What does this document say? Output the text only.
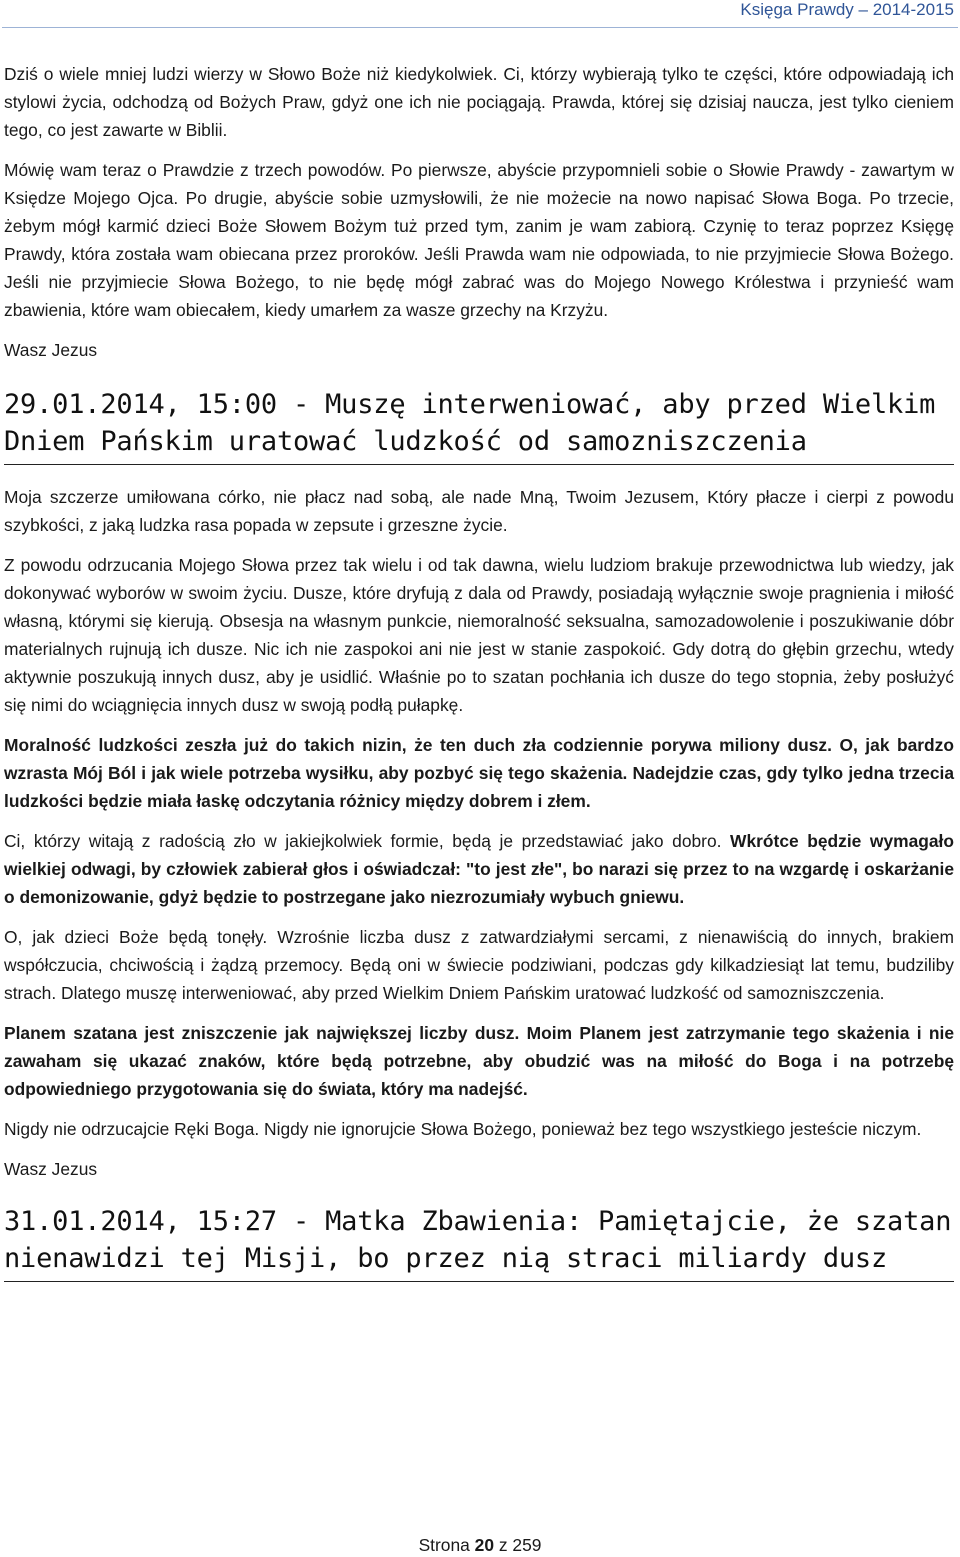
Księga Prawdy – 2014-2015

Dziś o wiele mniej ludzi wierzy w Słowo Boże niż kiedykolwiek. Ci, którzy wybierają tylko te części, które odpowiadają ich stylowi życia, odchodzą od Bożych Praw, gdyż one ich nie pociągają. Prawda, której się dzisiaj naucza, jest tylko cieniem tego, co jest zawarte w Biblii.

Mówię wam teraz o Prawdzie z trzech powodów. Po pierwsze, abyście przypomnieli sobie o Słowie Prawdy - zawartym w Księdze Mojego Ojca. Po drugie, abyście sobie uzmysłowili, że nie możecie na nowo napisać Słowa Boga. Po trzecie, żebym mógł karmić dzieci Boże Słowem Bożym tuż przed tym, zanim je wam zabiorą. Czynię to teraz poprzez Księgę Prawdy, która została wam obiecana przez proroków. Jeśli Prawda wam nie odpowiada, to nie przyjmiecie Słowa Bożego. Jeśli nie przyjmiecie Słowa Bożego, to nie będę mógł zabrać was do Mojego Nowego Królestwa i przynieść wam zbawienia, które wam obiecałem, kiedy umarłem za wasze grzechy na Krzyżu.

Wasz Jezus

29.01.2014, 15:00 - Muszę interweniować, aby przed Wielkim Dniem Pańskim uratować ludzkość od samozniszczenia

Moja szczerze umiłowana córko, nie płacz nad sobą, ale nade Mną, Twoim Jezusem, Który płacze i cierpi z powodu szybkości, z jaką ludzka rasa popada w zepsute i grzeszne życie.

Z powodu odrzucania Mojego Słowa przez tak wielu i od tak dawna, wielu ludziom brakuje przewodnictwa lub wiedzy, jak dokonywać wyborów w swoim życiu. Dusze, które dryfują z dala od Prawdy, posiadają wyłącznie swoje pragnienia i miłość własną, którymi się kierują. Obsesja na własnym punkcie, niemoralność seksualna, samozadowolenie i poszukiwanie dóbr materialnych rujnują ich dusze. Nic ich nie zaspokoi ani nie jest w stanie zaspokoić. Gdy dotrą do głębin grzechu, wtedy aktywnie poszukują innych dusz, aby je usidlić. Właśnie po to szatan pochłania ich dusze do tego stopnia, żeby posłużyć się nimi do wciągnięcia innych dusz w swoją podłą pułapkę.

Moralność ludzkości zeszła już do takich nizin, że ten duch zła codziennie porywa miliony dusz. O, jak bardzo wzrasta Mój Ból i jak wiele potrzeba wysiłku, aby pozbyć się tego skażenia. Nadejdzie czas, gdy tylko jedna trzecia ludzkości będzie miała łaskę odczytania różnicy między dobrem i złem.

Ci, którzy witają z radością zło w jakiejkolwiek formie, będą je przedstawiać jako dobro. Wkrótce będzie wymagało wielkiej odwagi, by człowiek zabierał głos i oświadczał: "to jest złe", bo narazi się przez to na wzgardę i oskarżanie o demonizowanie, gdyż będzie to postrzegane jako niezrozumiały wybuch gniewu.

O, jak dzieci Boże będą tonęły. Wzrośnie liczba dusz z zatwardziałymi sercami, z nienawiścią do innych, brakiem współczucia, chciwością i żądzą przemocy. Będą oni w świecie podziwiani, podczas gdy kilkadziesiąt lat temu, budziliby strach. Dlatego muszę interweniować, aby przed Wielkim Dniem Pańskim uratować ludzkość od samozniszczenia.

Planem szatana jest zniszczenie jak największej liczby dusz. Moim Planem jest zatrzymanie tego skażenia i nie zawaham się ukazać znaków, które będą potrzebne, aby obudzić was na miłość do Boga i na potrzebę odpowiedniego przygotowania się do świata, który ma nadejść.

Nigdy nie odrzucajcie Ręki Boga. Nigdy nie ignorujcie Słowa Bożego, ponieważ bez tego wszystkiego jesteście niczym.

Wasz Jezus

31.01.2014, 15:27 - Matka Zbawienia: Pamiętajcie, że szatan nienawidzi tej Misji, bo przez nią straci miliardy dusz
Strona 20 z 259
